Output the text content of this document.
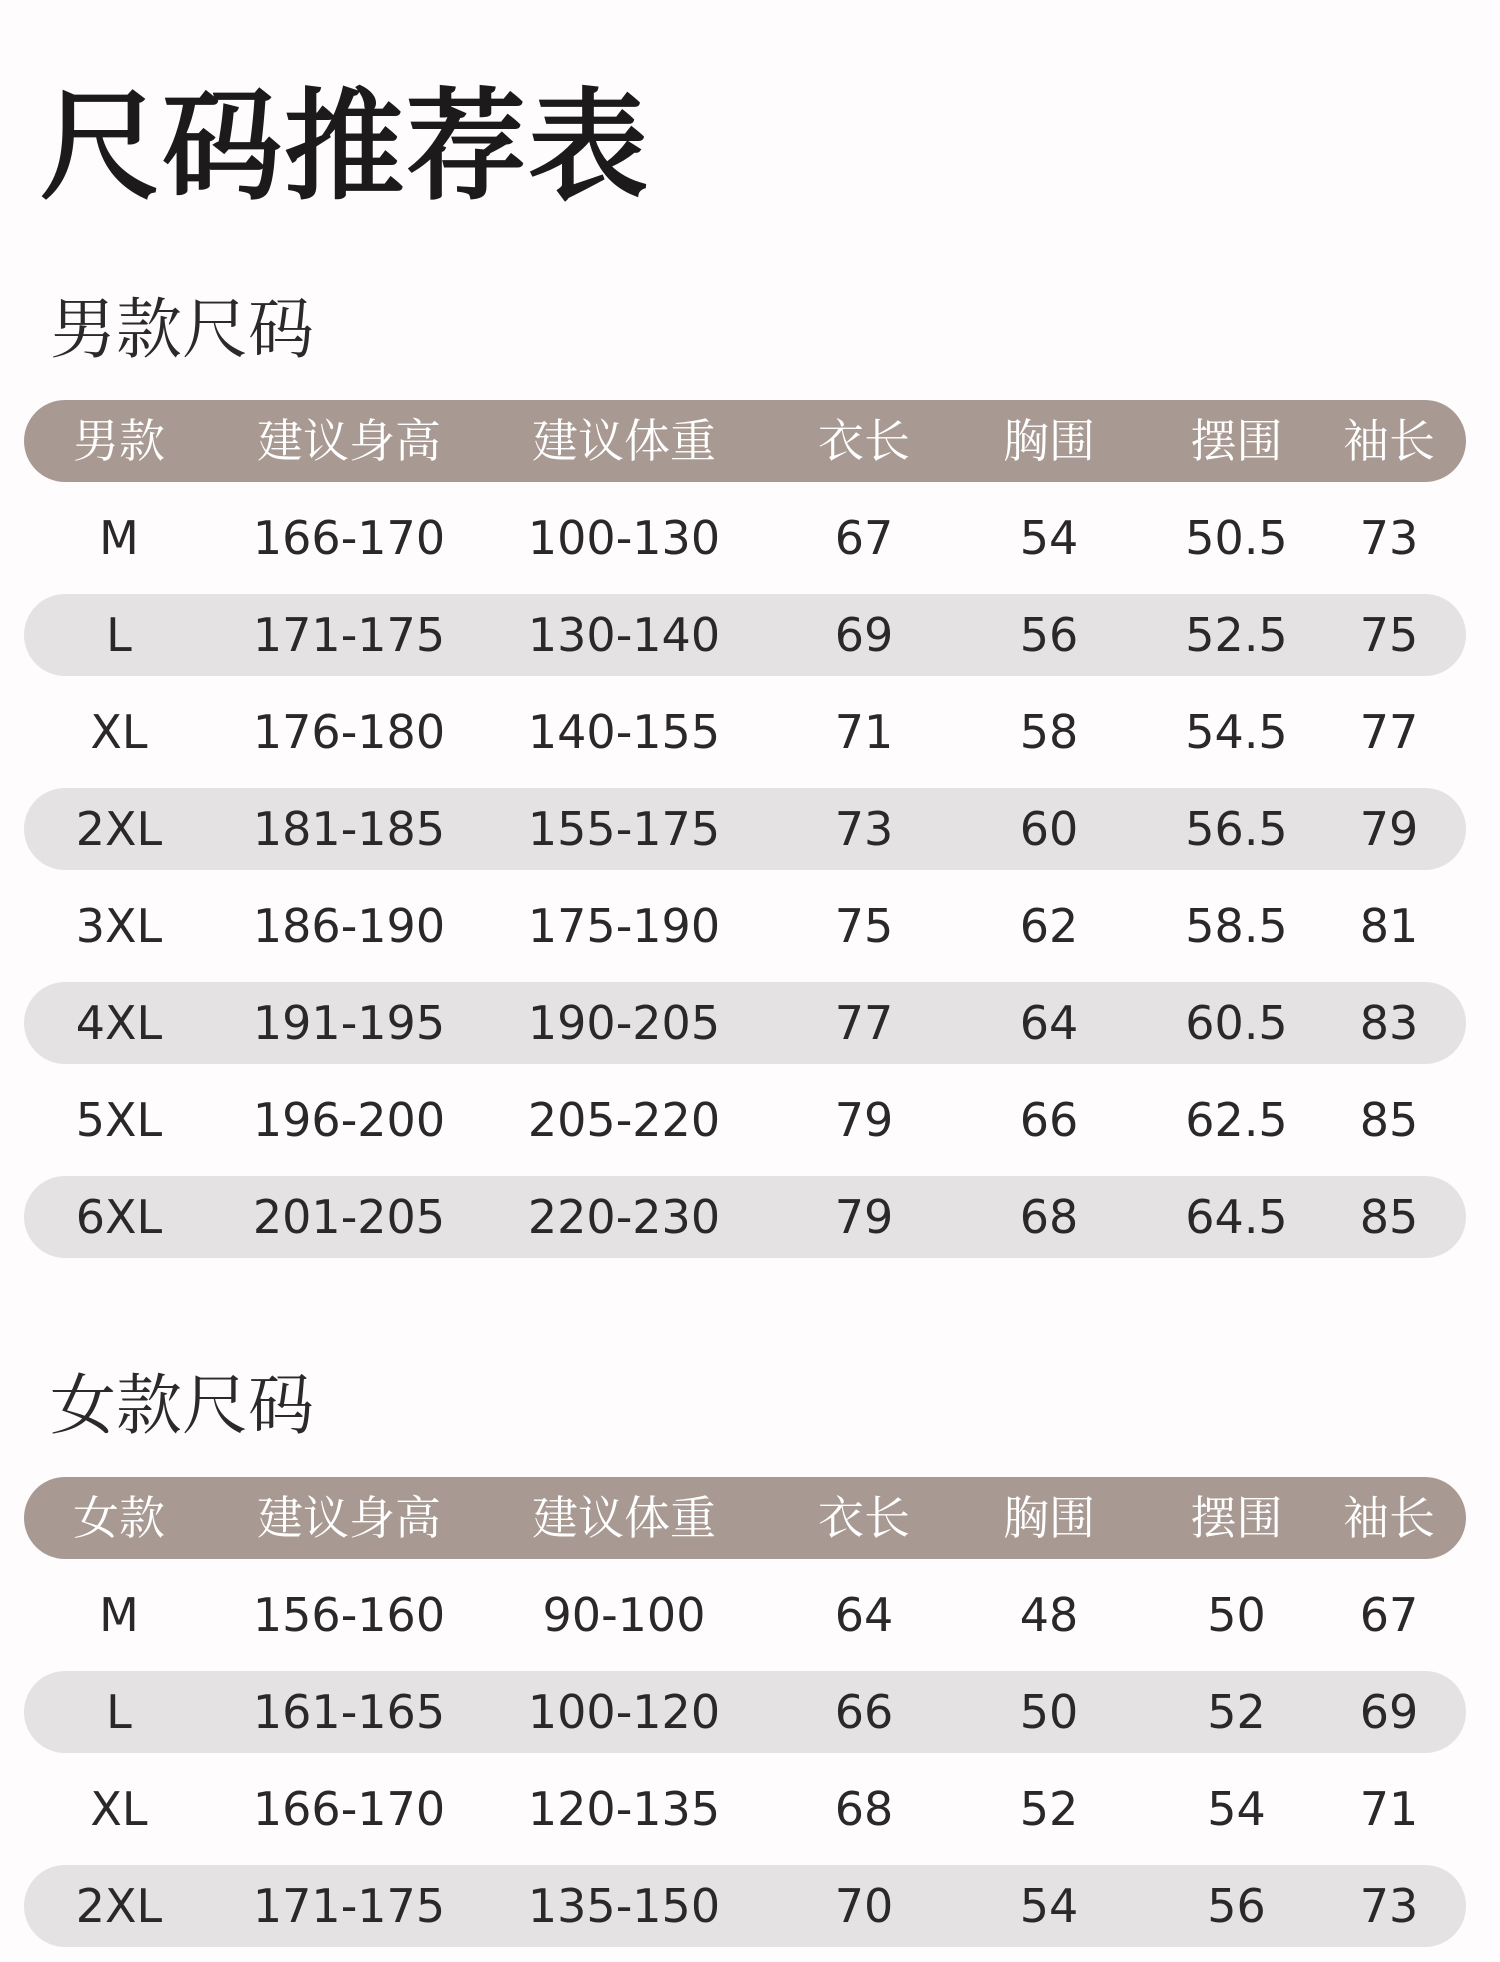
尺码推荐表
男款尺码
男款	建议身高	建议体重	衣长	胸围	摆围	袖长
M	166-170	100-130	67	54	50.5	73
L	171-175	130-140	69	56	52.5	75
XL	176-180	140-155	71	58	54.5	77
2XL	181-185	155-175	73	60	56.5	79
3XL	186-190	175-190	75	62	58.5	81
4XL	191-195	190-205	77	64	60.5	83
5XL	196-200	205-220	79	66	62.5	85
6XL	201-205	220-230	79	68	64.5	85
女款尺码
女款	建议身高	建议体重	衣长	胸围	摆围	袖长
M	156-160	90-100	64	48	50	67
L	161-165	100-120	66	50	52	69
XL	166-170	120-135	68	52	54	71
2XL	171-175	135-150	70	54	56	73
